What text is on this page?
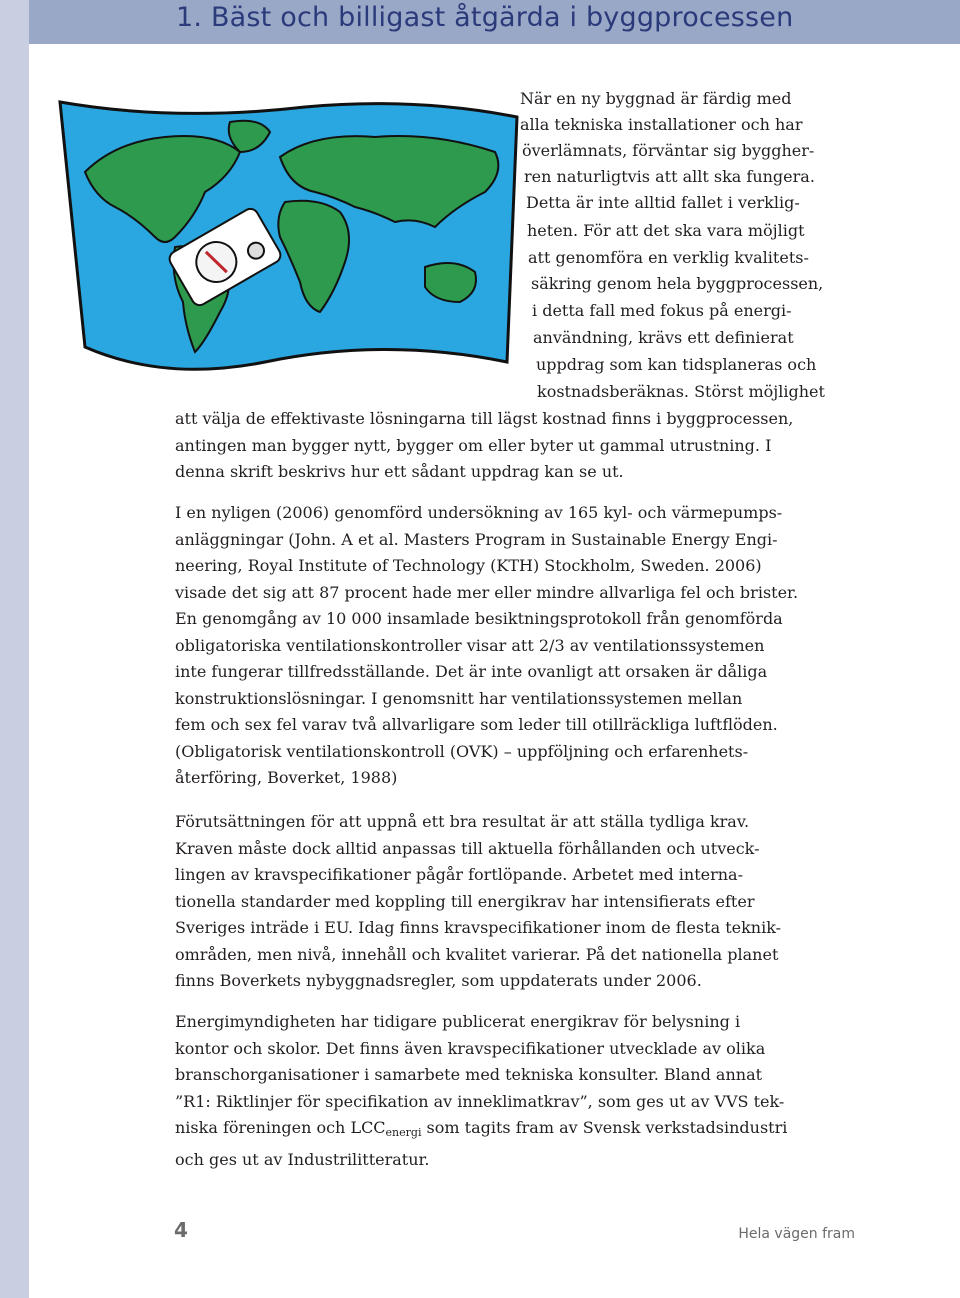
1. Bäst och billigast åtgärda i byggprocessen
När en ny byggnad är färdig med
alla tekniska installationer och har
överlämnats, förväntar sig byggher-
ren naturligtvis att allt ska fungera.
Detta är inte alltid fallet i verklig-
heten. För att det ska vara möjligt
att genomföra en verklig kvalitets-
säkring genom hela byggprocessen,
i detta fall med fokus på energi-
användning, krävs ett definierat
uppdrag som kan tidsplaneras och
kostnadsberäknas. Störst möjlighet
att välja de effektivaste lösningarna till lägst kostnad finns i byggprocessen,
antingen man bygger nytt, bygger om eller byter ut gammal utrustning. I
denna skrift beskrivs hur ett sådant uppdrag kan se ut.
I en nyligen (2006) genomförd undersökning av 165 kyl- och värmepumps-
anläggningar (John. A et al. Masters Program in Sustainable Energy Engi-
neering, Royal Institute of Technology (KTH) Stockholm, Sweden. 2006)
visade det sig att 87 procent hade mer eller mindre allvarliga fel och brister.
En genomgång av 10 000 insamlade besiktningsprotokoll från genomförda
obligatoriska ventilationskontroller visar att 2/3 av ventilationssystemen
inte fungerar tillfredsställande. Det är inte ovanligt att orsaken är dåliga
konstruktionslösningar. I genomsnitt har ventilationssystemen mellan
fem och sex fel varav två allvarligare som leder till otillräckliga luftflöden.
(Obligatorisk ventilationskontroll (OVK) – uppföljning och erfarenhets-
återföring, Boverket, 1988)
Förutsättningen för att uppnå ett bra resultat är att ställa tydliga krav.
Kraven måste dock alltid anpassas till aktuella förhållanden och utveck-
lingen av kravspecifikationer pågår fortlöpande. Arbetet med interna-
tionella standarder med koppling till energikrav har intensifierats efter
Sveriges inträde i EU. Idag finns kravspecifikationer inom de flesta teknik-
områden, men nivå, innehåll och kvalitet varierar. På det nationella planet
finns Boverkets nybyggnadsregler, som uppdaterats under 2006.
Energimyndigheten har tidigare publicerat energikrav för belysning i
kontor och skolor. Det finns även kravspecifikationer utvecklade av olika
branschorganisationer i samarbete med tekniska konsulter. Bland annat
”R1: Riktlinjer för specifikation av inneklimatkrav”, som ges ut av VVS tek-
niska föreningen och $LCC_{energi}$ som tagits fram av Svensk verkstadsindustri
och ges ut av Industrilitteratur.
4	Hela vägen fram
